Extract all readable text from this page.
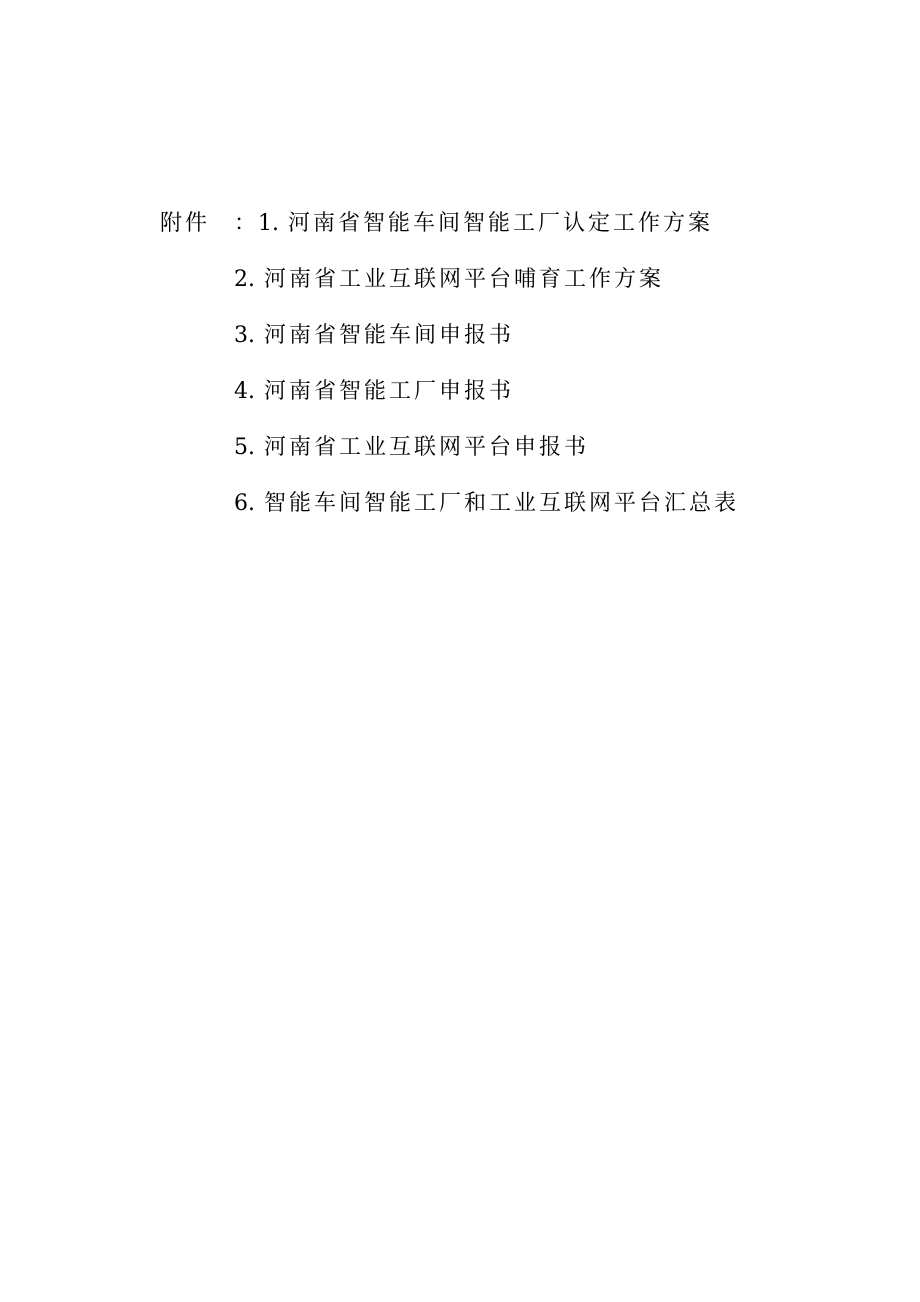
附件 ： 1. 河南省智能车间智能工厂认定工作方案
2. 河南省工业互联网平台哺育工作方案
3. 河南省智能车间申报书
4. 河南省智能工厂申报书
5. 河南省工业互联网平台申报书
6. 智能车间智能工厂和工业互联网平台汇总表
